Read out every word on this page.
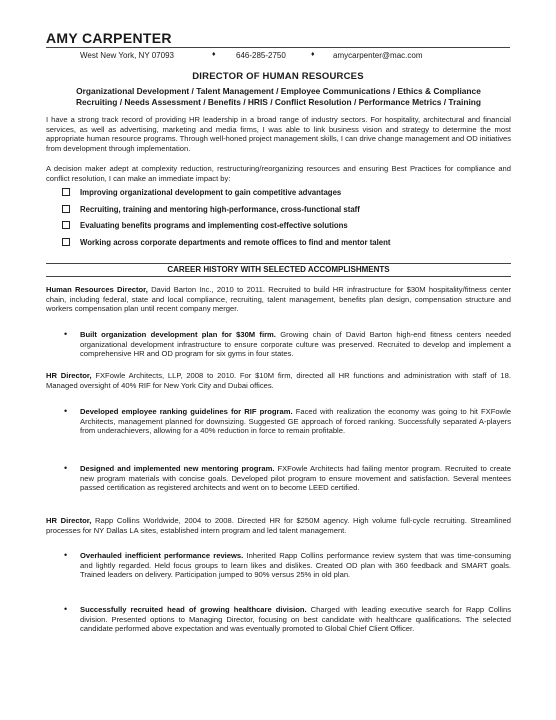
AMY CARPENTER
West New York, NY 07093	♦	646-285-2750	♦ amycarpenter@mac.com
DIRECTOR OF HUMAN RESOURCES
Organizational Development / Talent Management / Employee Communications / Ethics & Compliance
Recruiting / Needs Assessment / Benefits / HRIS / Conflict Resolution / Performance Metrics / Training
I have a strong track record of providing HR leadership in a broad range of industry sectors. For hospitality, architectural and financial services, as well as advertising, marketing and media firms, I was able to link business vision and strategy to determine the most appropriate human resource programs. Through well-honed project management skills, I can drive change management and OD initiatives from development through implementation.
A decision maker adept at complexity reduction, restructuring/reorganizing resources and ensuring Best Practices for compliance and conflict resolution, I can make an immediate impact by:
Improving organizational development to gain competitive advantages
Recruiting, training and mentoring high-performance, cross-functional staff
Evaluating benefits programs and implementing cost-effective solutions
Working across corporate departments and remote offices to find and mentor talent
CAREER HISTORY WITH SELECTED ACCOMPLISHMENTS
Human Resources Director, David Barton Inc., 2010 to 2011. Recruited to build HR infrastructure for $30M hospitality/fitness center chain, including federal, state and local compliance, recruiting, talent management, benefits plan design, compensation structure and workers compensation plan until recent company merger.
• Built organization development plan for $30M firm. Growing chain of David Barton high-end fitness centers needed organizational development infrastructure to ensure corporate culture was preserved. Recruited to develop and implement a comprehensive HR and OD program for six gyms in four states.
HR Director, FXFowle Architects, LLP, 2008 to 2010. For $10M firm, directed all HR functions and administration with staff of 18. Managed oversight of 40% RIF for New York City and Dubai offices.
• Developed employee ranking guidelines for RIF program. Faced with realization the economy was going to hit FXFowle Architects, management planned for downsizing. Suggested GE approach of forced ranking. Successfully separated A-players from underachievers, allowing for a 40% reduction in force to remain profitable.
• Designed and implemented new mentoring program. FXFowle Architects had failing mentor program. Recruited to create new program materials with concise goals. Developed pilot program to ensure movement and satisfaction. Several mentees passed certification as registered architects and went on to become LEED certified.
HR Director, Rapp Collins Worldwide, 2004 to 2008. Directed HR for $250M agency. High volume full-cycle recruiting. Streamlined processes for NY Dallas LA sites, established intern program and led talent management.
• Overhauled inefficient performance reviews. Inherited Rapp Collins performance review system that was time-consuming and lightly regarded. Held focus groups to learn likes and dislikes. Created OD plan with 360 feedback and SMART goals. Trained leaders on delivery. Participation jumped to 90% versus 25% in old plan.
• Successfully recruited head of growing healthcare division. Charged with leading executive search for Rapp Collins division. Presented options to Managing Director, focusing on best candidate with healthcare qualifications. The selected candidate performed above expectation and was eventually promoted to Global Chief Client Officer.
